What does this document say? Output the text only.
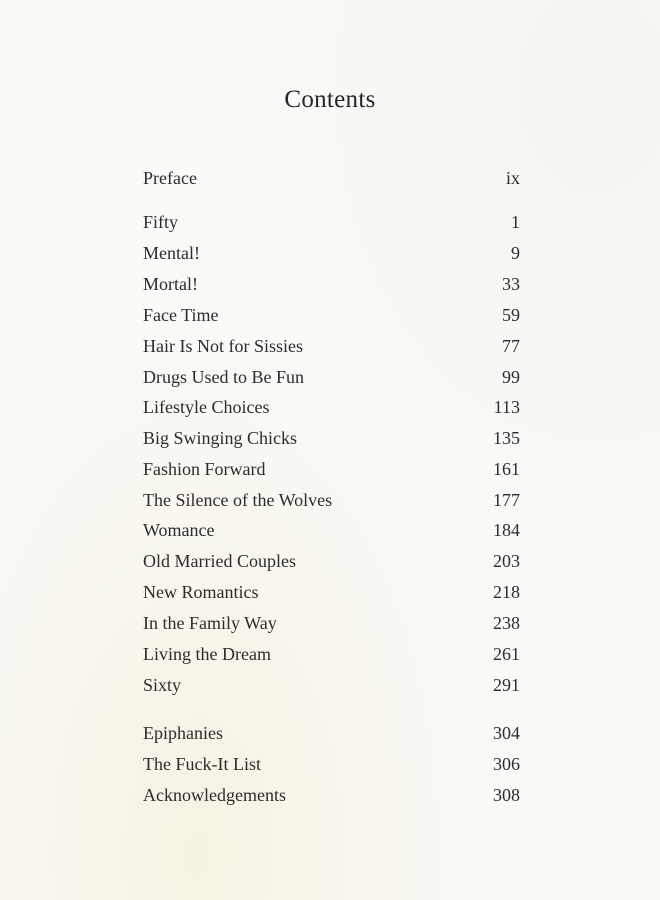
Contents
Preface	ix
Fifty	1
Mental!	9
Mortal!	33
Face Time	59
Hair Is Not for Sissies	77
Drugs Used to Be Fun	99
Lifestyle Choices	113
Big Swinging Chicks	135
Fashion Forward	161
The Silence of the Wolves	177
Womance	184
Old Married Couples	203
New Romantics	218
In the Family Way	238
Living the Dream	261
Sixty	291
Epiphanies	304
The Fuck-It List	306
Acknowledgements	308
